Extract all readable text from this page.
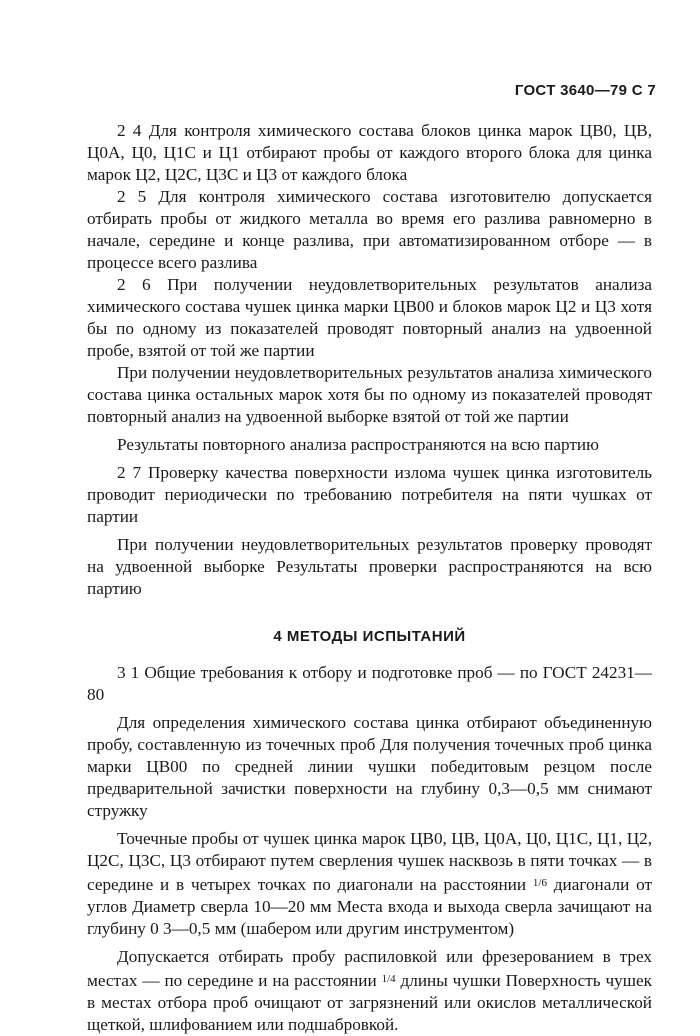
ГОСТ 3640—79 С 7

2 4 Для контроля химического состава блоков цинка марок ЦВ0, ЦВ, Ц0А, Ц0, Ц1С и Ц1 отбирают пробы от каждого второго блока для цинка марок Ц2, Ц2С, Ц3С и Ц3 от каждого блока

2 5 Для контроля химического состава изготовителю допускается отбирать пробы от жидкого металла во время его разлива равномерно в начале, середине и конце разлива, при автоматизированном отборе — в процессе всего разлива

2 6 При получении неудовлетворительных результатов анализа химического состава чушек цинка марки ЦВ00 и блоков марок Ц2 и Ц3 хотя бы по одному из показателей проводят повторный анализ на удвоенной пробе, взятой от той же партии

При получении неудовлетворительных результатов анализа химического состава цинка остальных марок хотя бы по одному из показателей проводят повторный анализ на удвоенной выборке взятой от той же партии

Результаты повторного анализа распространяются на всю партию

2 7 Проверку качества поверхности излома чушек цинка изготовитель проводит периодически по требованию потребителя на пяти чушках от партии

При получении неудовлетворительных результатов проверку проводят на удвоенной выборке Результаты проверки распространяются на всю партию

4 МЕТОДЫ ИСПЫТАНИЙ

3 1 Общие требования к отбору и подготовке проб — по ГОСТ 24231—80

Для определения химического состава цинка отбирают объединенную пробу, составленную из точечных проб Для получения точечных проб цинка марки ЦВ00 по средней линии чушки победитовым резцом после предварительной зачистки поверхности на глубину 0,3—0,5 мм снимают стружку

Точечные пробы от чушек цинка марок ЦВ0, ЦВ, Ц0А, Ц0, Ц1С, Ц1, Ц2, Ц2С, Ц3С, Ц3 отбирают путем сверления чушек насквозь в пяти точках — в середине и в четырех точках по диагонали на расстоянии $^{1/6}$ диагонали от углов Диаметр сверла 10—20 мм Места входа и выхода сверла зачищают на глубину 0 3—0,5 мм (шабером или другим инструментом)

Допускается отбирать пробу распиловкой или фрезерованием в трех местах — по середине и на расстоянии $^{1/4}$ длины чушки Поверхность чушек в местах отбора проб очищают от загрязнений или окислов металлической щеткой, шлифованием или подшабровкой.
